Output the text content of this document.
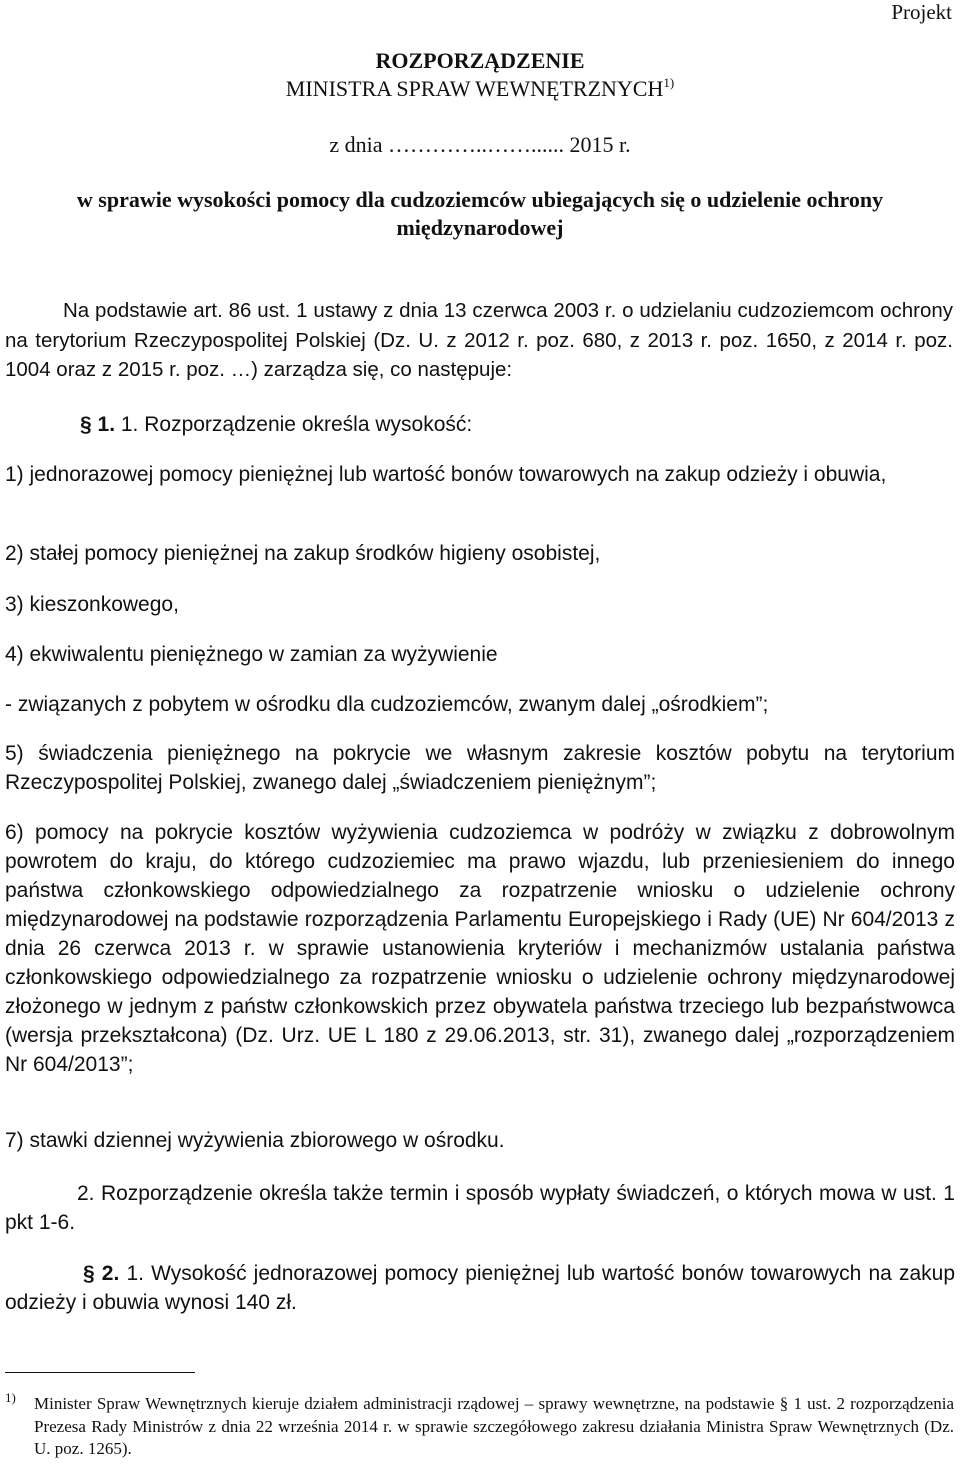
Projekt
ROZPORZĄDZENIE
MINISTRA SPRAW WEWNĘTRZNYCH$^{1)}$
z dnia …………..……...... 2015 r.
w sprawie wysokości pomocy dla cudzoziemców ubiegających się o udzielenie ochrony międzynarodowej
Na podstawie art. 86 ust. 1 ustawy z dnia 13 czerwca 2003 r. o udzielaniu cudzoziemcom ochrony na terytorium Rzeczypospolitej Polskiej (Dz. U. z 2012 r. poz. 680, z 2013 r. poz. 1650, z 2014 r. poz. 1004 oraz z 2015 r. poz. …) zarządza się, co następuje:
§ 1. 1. Rozporządzenie określa wysokość:
1) jednorazowej pomocy pieniężnej lub wartość bonów towarowych na zakup odzieży i obuwia,
2) stałej pomocy pieniężnej na zakup środków higieny osobistej,
3) kieszonkowego,
4) ekwiwalentu pieniężnego w zamian za wyżywienie
- związanych z pobytem w ośrodku dla cudzoziemców, zwanym dalej „ośrodkiem”;
5) świadczenia pieniężnego na pokrycie we własnym zakresie kosztów pobytu na terytorium Rzeczypospolitej Polskiej, zwanego dalej „świadczeniem pieniężnym”;
6) pomocy na pokrycie kosztów wyżywienia cudzoziemca w podróży w związku z dobrowolnym powrotem do kraju, do którego cudzoziemiec ma prawo wjazdu, lub przeniesieniem do innego państwa członkowskiego odpowiedzialnego za rozpatrzenie wniosku o udzielenie ochrony międzynarodowej na podstawie rozporządzenia Parlamentu Europejskiego i Rady (UE) Nr 604/2013 z dnia 26 czerwca 2013 r. w sprawie ustanowienia kryteriów i mechanizmów ustalania państwa członkowskiego odpowiedzialnego za rozpatrzenie wniosku o udzielenie ochrony międzynarodowej złożonego w jednym z państw członkowskich przez obywatela państwa trzeciego lub bezpaństwowca (wersja przekształcona) (Dz. Urz. UE L 180 z 29.06.2013, str. 31), zwanego dalej „rozporządzeniem Nr 604/2013”;
7) stawki dziennej wyżywienia zbiorowego w ośrodku.
2. Rozporządzenie określa także termin i sposób wypłaty świadczeń, o których mowa w ust. 1 pkt 1-6.
§ 2. 1. Wysokość jednorazowej pomocy pieniężnej lub wartość bonów towarowych na zakup odzieży i obuwia wynosi 140 zł.
1) Minister Spraw Wewnętrznych kieruje działem administracji rządowej – sprawy wewnętrzne, na podstawie § 1 ust. 2 rozporządzenia Prezesa Rady Ministrów z dnia 22 września 2014 r. w sprawie szczegółowego zakresu działania Ministra Spraw Wewnętrznych (Dz. U. poz. 1265).
